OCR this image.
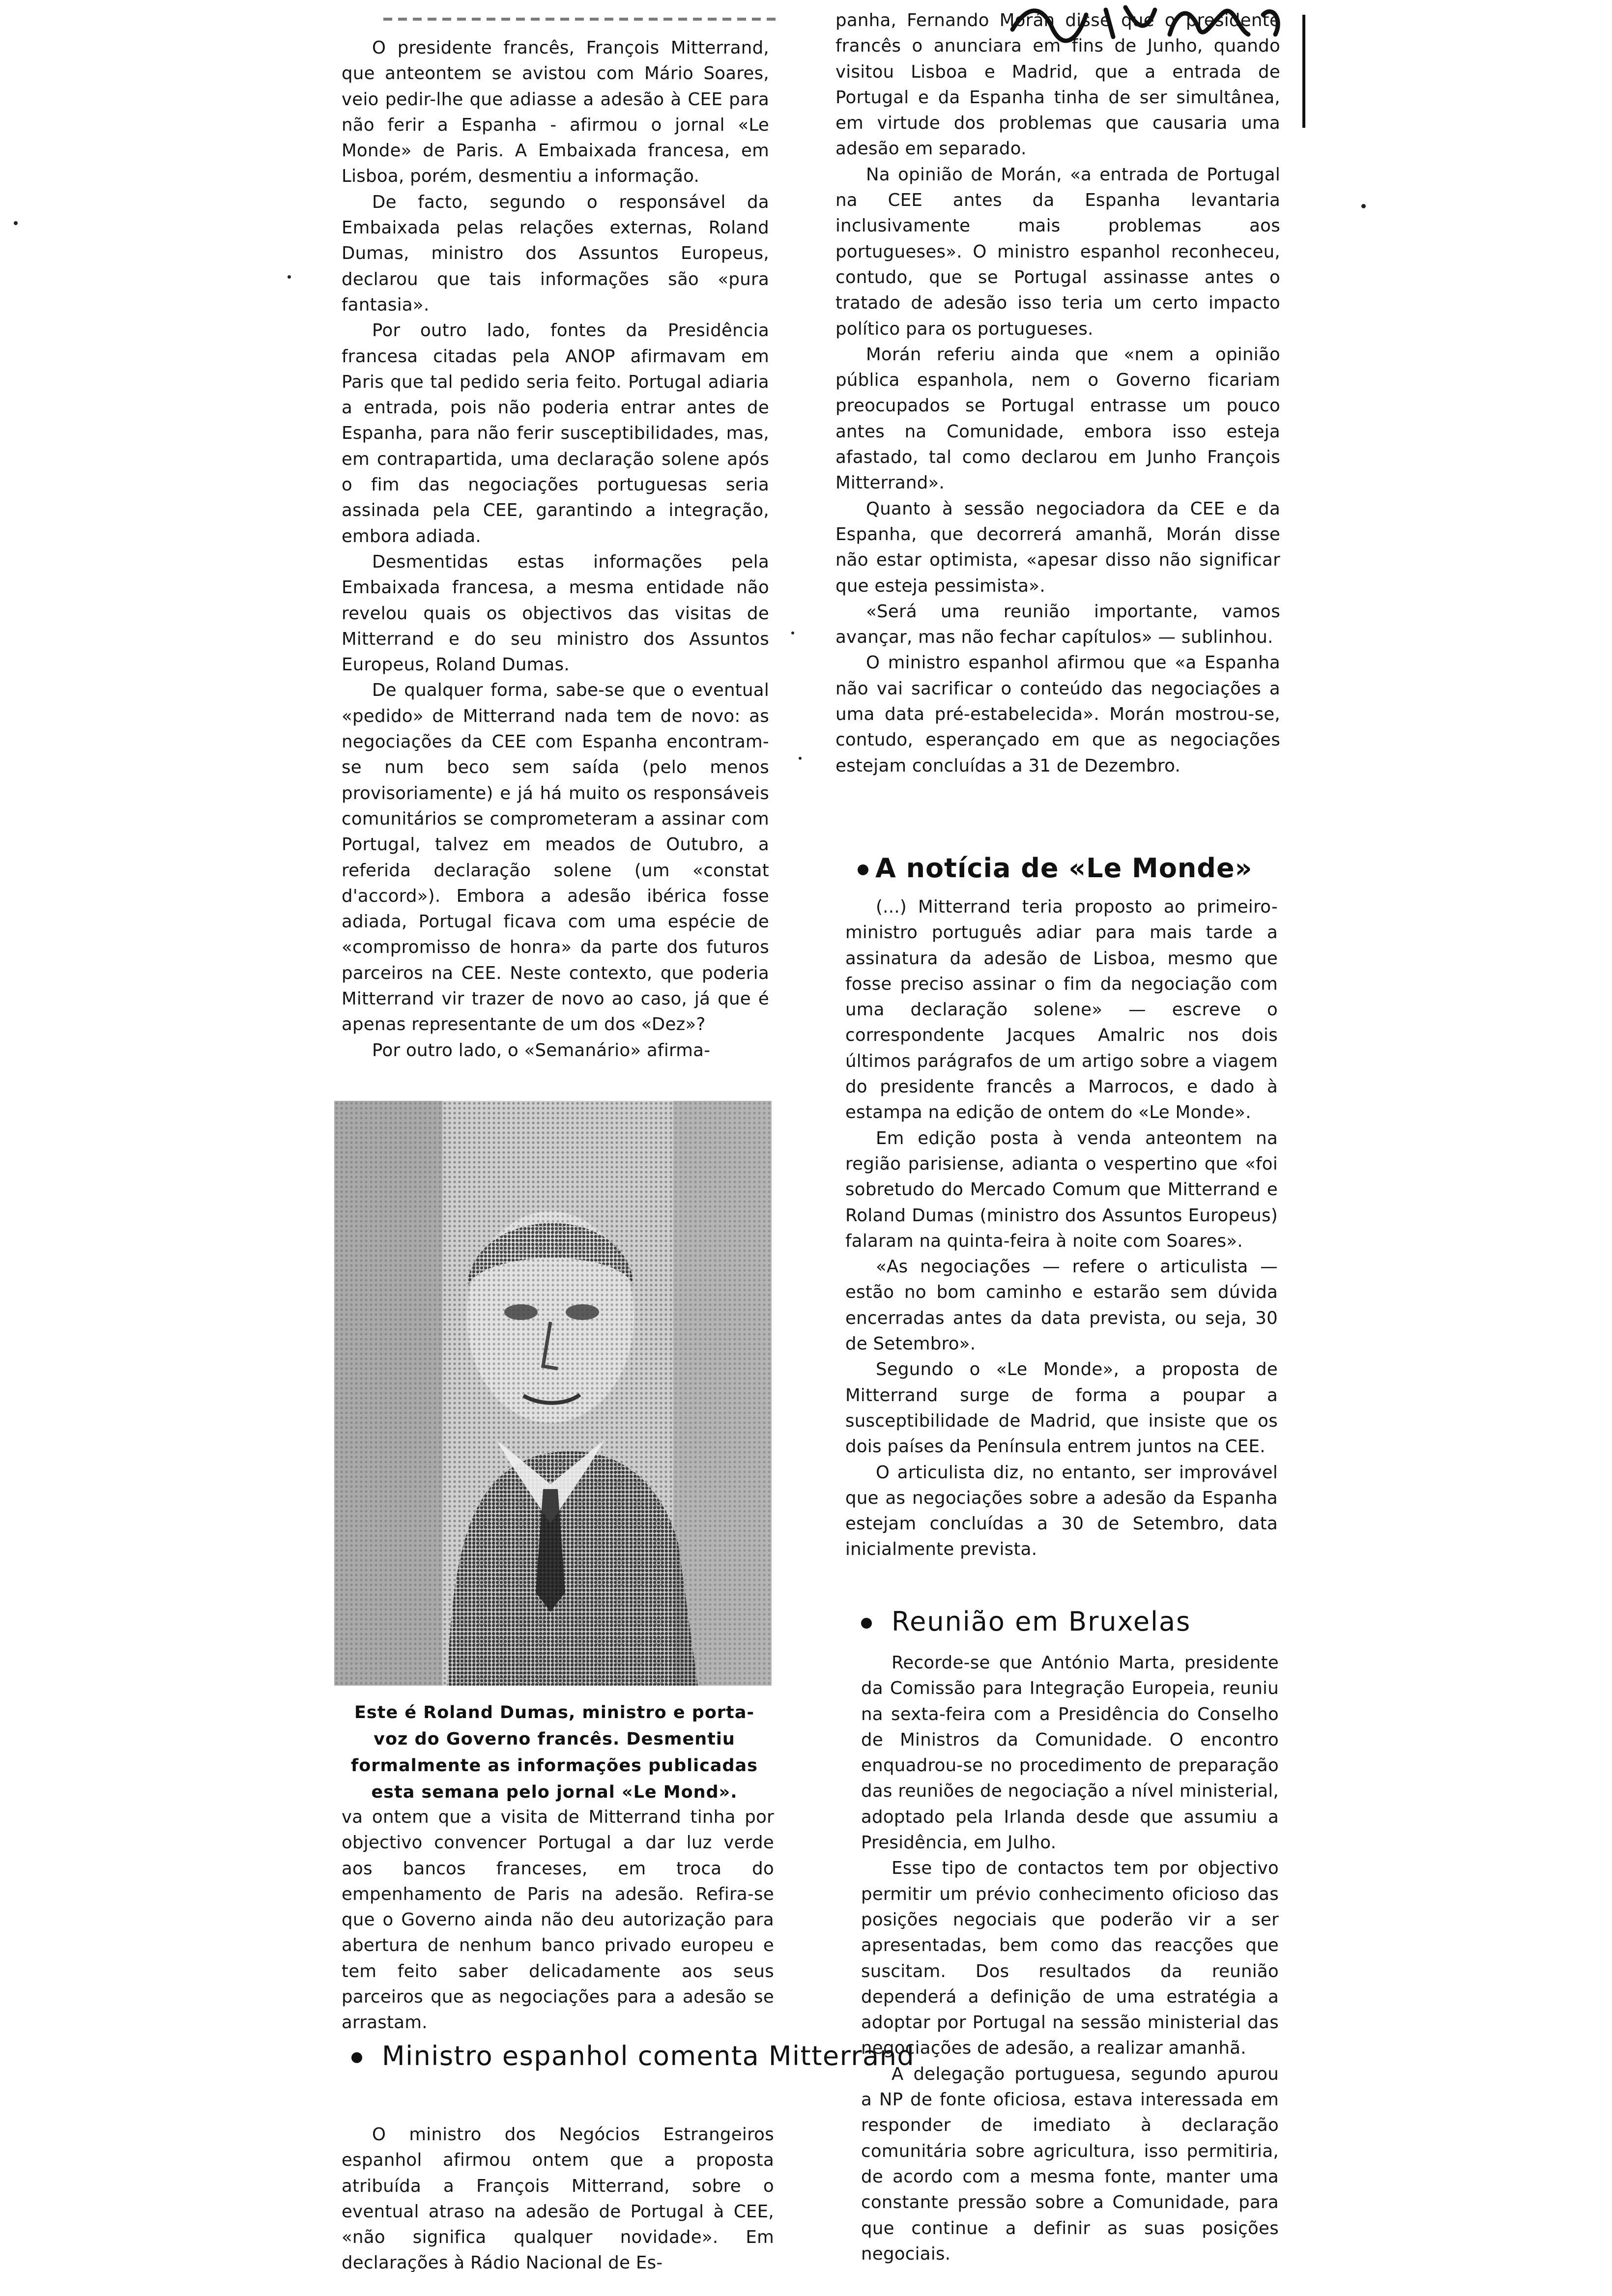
O presidente francês, François Mitterrand, que anteontem se avistou com Mário Soares, veio pedir-lhe que adiasse a adesão à CEE para não ferir a Espanha - afirmou o jornal «Le Monde» de Paris. A Embaixada francesa, em Lisboa, porém, desmentiu a informação.

De facto, segundo o responsável da Embaixada pelas relações externas, Roland Dumas, ministro dos Assuntos Europeus, declarou que tais informações são «pura fantasia».

Por outro lado, fontes da Presidência francesa citadas pela ANOP afirmavam em Paris que tal pedido seria feito. Portugal adiaria a entrada, pois não poderia entrar antes de Espanha, para não ferir susceptibilidades, mas, em contrapartida, uma declaração solene após o fim das negociações portuguesas seria assinada pela CEE, garantindo a integração, embora adiada.

Desmentidas estas informações pela Embaixada francesa, a mesma entidade não revelou quais os objectivos das visitas de Mitterrand e do seu ministro dos Assuntos Europeus, Roland Dumas.

De qualquer forma, sabe-se que o eventual «pedido» de Mitterrand nada tem de novo: as negociações da CEE com Espanha encontram-se num beco sem saída (pelo menos provisoriamente) e já há muito os responsáveis comunitários se comprometeram a assinar com Portugal, talvez em meados de Outubro, a referida declaração solene (um «constat d'accord»). Embora a adesão ibérica fosse adiada, Portugal ficava com uma espécie de «compromisso de honra» da parte dos futuros parceiros na CEE. Neste contexto, que poderia Mitterrand vir trazer de novo ao caso, já que é apenas representante de um dos «Dez»?

Por outro lado, o «Semanário» afirma-

Este é Roland Dumas, ministro e porta-voz do Governo francês. Desmentiu formalmente as informações publicadas esta semana pelo jornal «Le Mond».

va ontem que a visita de Mitterrand tinha por objectivo convencer Portugal a dar luz verde aos bancos franceses, em troca do empenhamento de Paris na adesão. Refira-se que o Governo ainda não deu autorização para abertura de nenhum banco privado europeu e tem feito saber delicadamente aos seus parceiros que as negociações para a adesão se arrastam.

Ministro espanhol comenta Mitterrand

O ministro dos Negócios Estrangeiros espanhol afirmou ontem que a proposta atribuída a François Mitterrand, sobre o eventual atraso na adesão de Portugal à CEE, «não significa qualquer novidade». Em declarações à Rádio Nacional de Es-

panha, Fernando Morán disse que o presidente francês o anunciara em fins de Junho, quando visitou Lisboa e Madrid, que a entrada de Portugal e da Espanha tinha de ser simultânea, em virtude dos problemas que causaria uma adesão em separado.

Na opinião de Morán, «a entrada de Portugal na CEE antes da Espanha levantaria inclusivamente mais problemas aos portugueses». O ministro espanhol reconheceu, contudo, que se Portugal assinasse antes o tratado de adesão isso teria um certo impacto político para os portugueses.

Morán referiu ainda que «nem a opinião pública espanhola, nem o Governo ficariam preocupados se Portugal entrasse um pouco antes na Comunidade, embora isso esteja afastado, tal como declarou em Junho François Mitterrand».

Quanto à sessão negociadora da CEE e da Espanha, que decorrerá amanhã, Morán disse não estar optimista, «apesar disso não significar que esteja pessimista».

«Será uma reunião importante, vamos avançar, mas não fechar capítulos» — sublinhou.

O ministro espanhol afirmou que «a Espanha não vai sacrificar o conteúdo das negociações a uma data pré-estabelecida». Morán mostrou-se, contudo, esperançado em que as negociações estejam concluídas a 31 de Dezembro.

A notícia de «Le Monde»

(...) Mitterrand teria proposto ao primeiro-ministro português adiar para mais tarde a assinatura da adesão de Lisboa, mesmo que fosse preciso assinar o fim da negociação com uma declaração solene» — escreve o correspondente Jacques Amalric nos dois últimos parágrafos de um artigo sobre a viagem do presidente francês a Marrocos, e dado à estampa na edição de ontem do «Le Monde».

Em edição posta à venda anteontem na região parisiense, adianta o vespertino que «foi sobretudo do Mercado Comum que Mitterrand e Roland Dumas (ministro dos Assuntos Europeus) falaram na quinta-feira à noite com Soares».

«As negociações — refere o articulista — estão no bom caminho e estarão sem dúvida encerradas antes da data prevista, ou seja, 30 de Setembro».

Segundo o «Le Monde», a proposta de Mitterrand surge de forma a poupar a susceptibilidade de Madrid, que insiste que os dois países da Península entrem juntos na CEE.

O articulista diz, no entanto, ser improvável que as negociações sobre a adesão da Espanha estejam concluídas a 30 de Setembro, data inicialmente prevista.

Reunião em Bruxelas

Recorde-se que António Marta, presidente da Comissão para Integração Europeia, reuniu na sexta-feira com a Presidência do Conselho de Ministros da Comunidade. O encontro enquadrou-se no procedimento de preparação das reuniões de negociação a nível ministerial, adoptado pela Irlanda desde que assumiu a Presidência, em Julho.

Esse tipo de contactos tem por objectivo permitir um prévio conhecimento oficioso das posições negociais que poderão vir a ser apresentadas, bem como das reacções que suscitam. Dos resultados da reunião dependerá a definição de uma estratégia a adoptar por Portugal na sessão ministerial das negociações de adesão, a realizar amanhã.

A delegação portuguesa, segundo apurou a NP de fonte oficiosa, estava interessada em responder de imediato à declaração comunitária sobre agricultura, isso permitiria, de acordo com a mesma fonte, manter uma constante pressão sobre a Comunidade, para que continue a definir as suas posições negociais.
